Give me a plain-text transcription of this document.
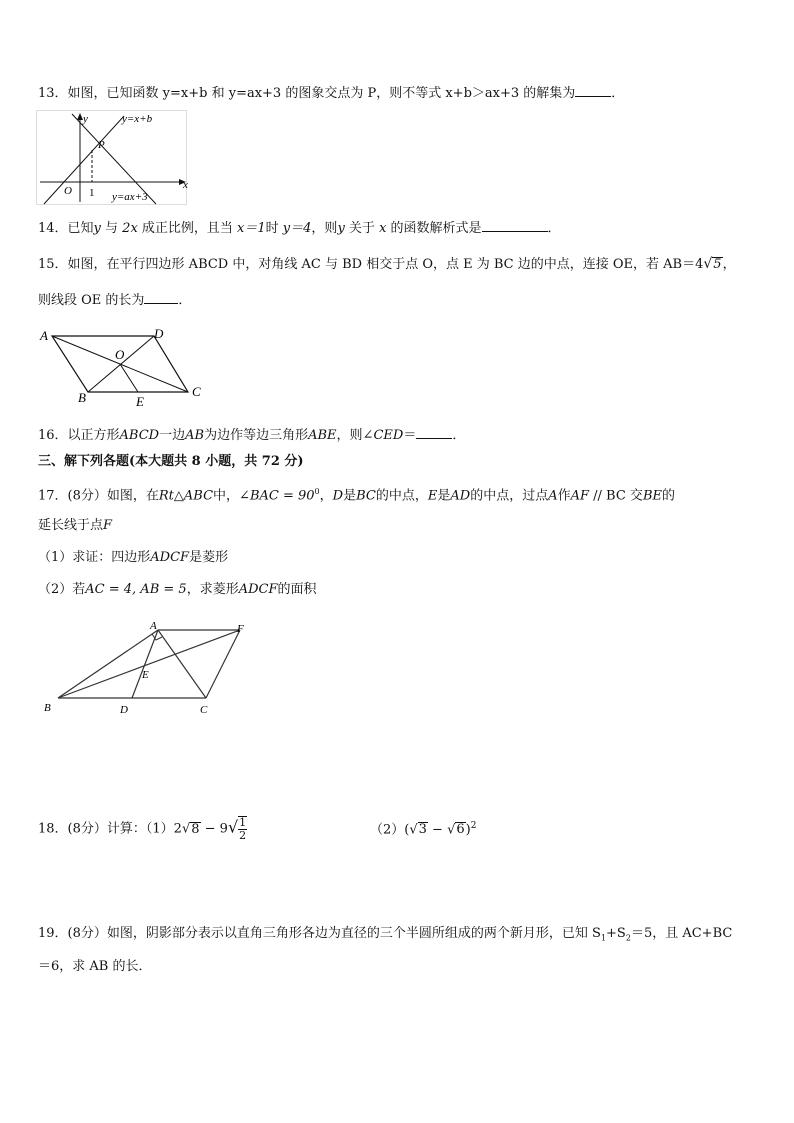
13．如图，已知函数 y=x+b 和 y=ax+3 的图象交点为 P，则不等式 x+b＞ax+3 的解集为	．
y
x
O 1
P
y=x+b
y=ax+3
14．已知y 与 2x 成正比例，且当 x＝1时 y＝4，则y 关于 x 的函数解析式是	．
15．如图，在平行四边形 ABCD 中，对角线 AC 与 BD 相交于点 O，点 E 为 BC 边的中点，连接 OE，若 AB＝4√5，
则线段 OE 的长为	．
A	D
O
B	E
C
16．以正方形ABCD一边AB为边作等边三角形ABE，则∠CED＝	．
三、解下列各题(本大题共 8 小题，共 72 分)
17．(8分）如图，在Rt△ABC中，∠BAC = $90^0$，D是BC的中点，E是AD的中点，过点A作AF // BC 交BE的
延长线于点F
（1）求证：四边形ADCF是菱形
（2）若AC = 4, AB = 5，求菱形ADCF的面积
A	F
E
B	D	C
18．(8分）计算：$(1)2√8 - 9√ \frac{1}{2}$	$(2)(√3 - √6)^2$
19．(8分）如图，阴影部分表示以直角三角形各边为直径的三个半圆所组成的两个新月形，已知 $S_1+S_2=5$，且 AC+BC
＝6，求 AB 的长．
